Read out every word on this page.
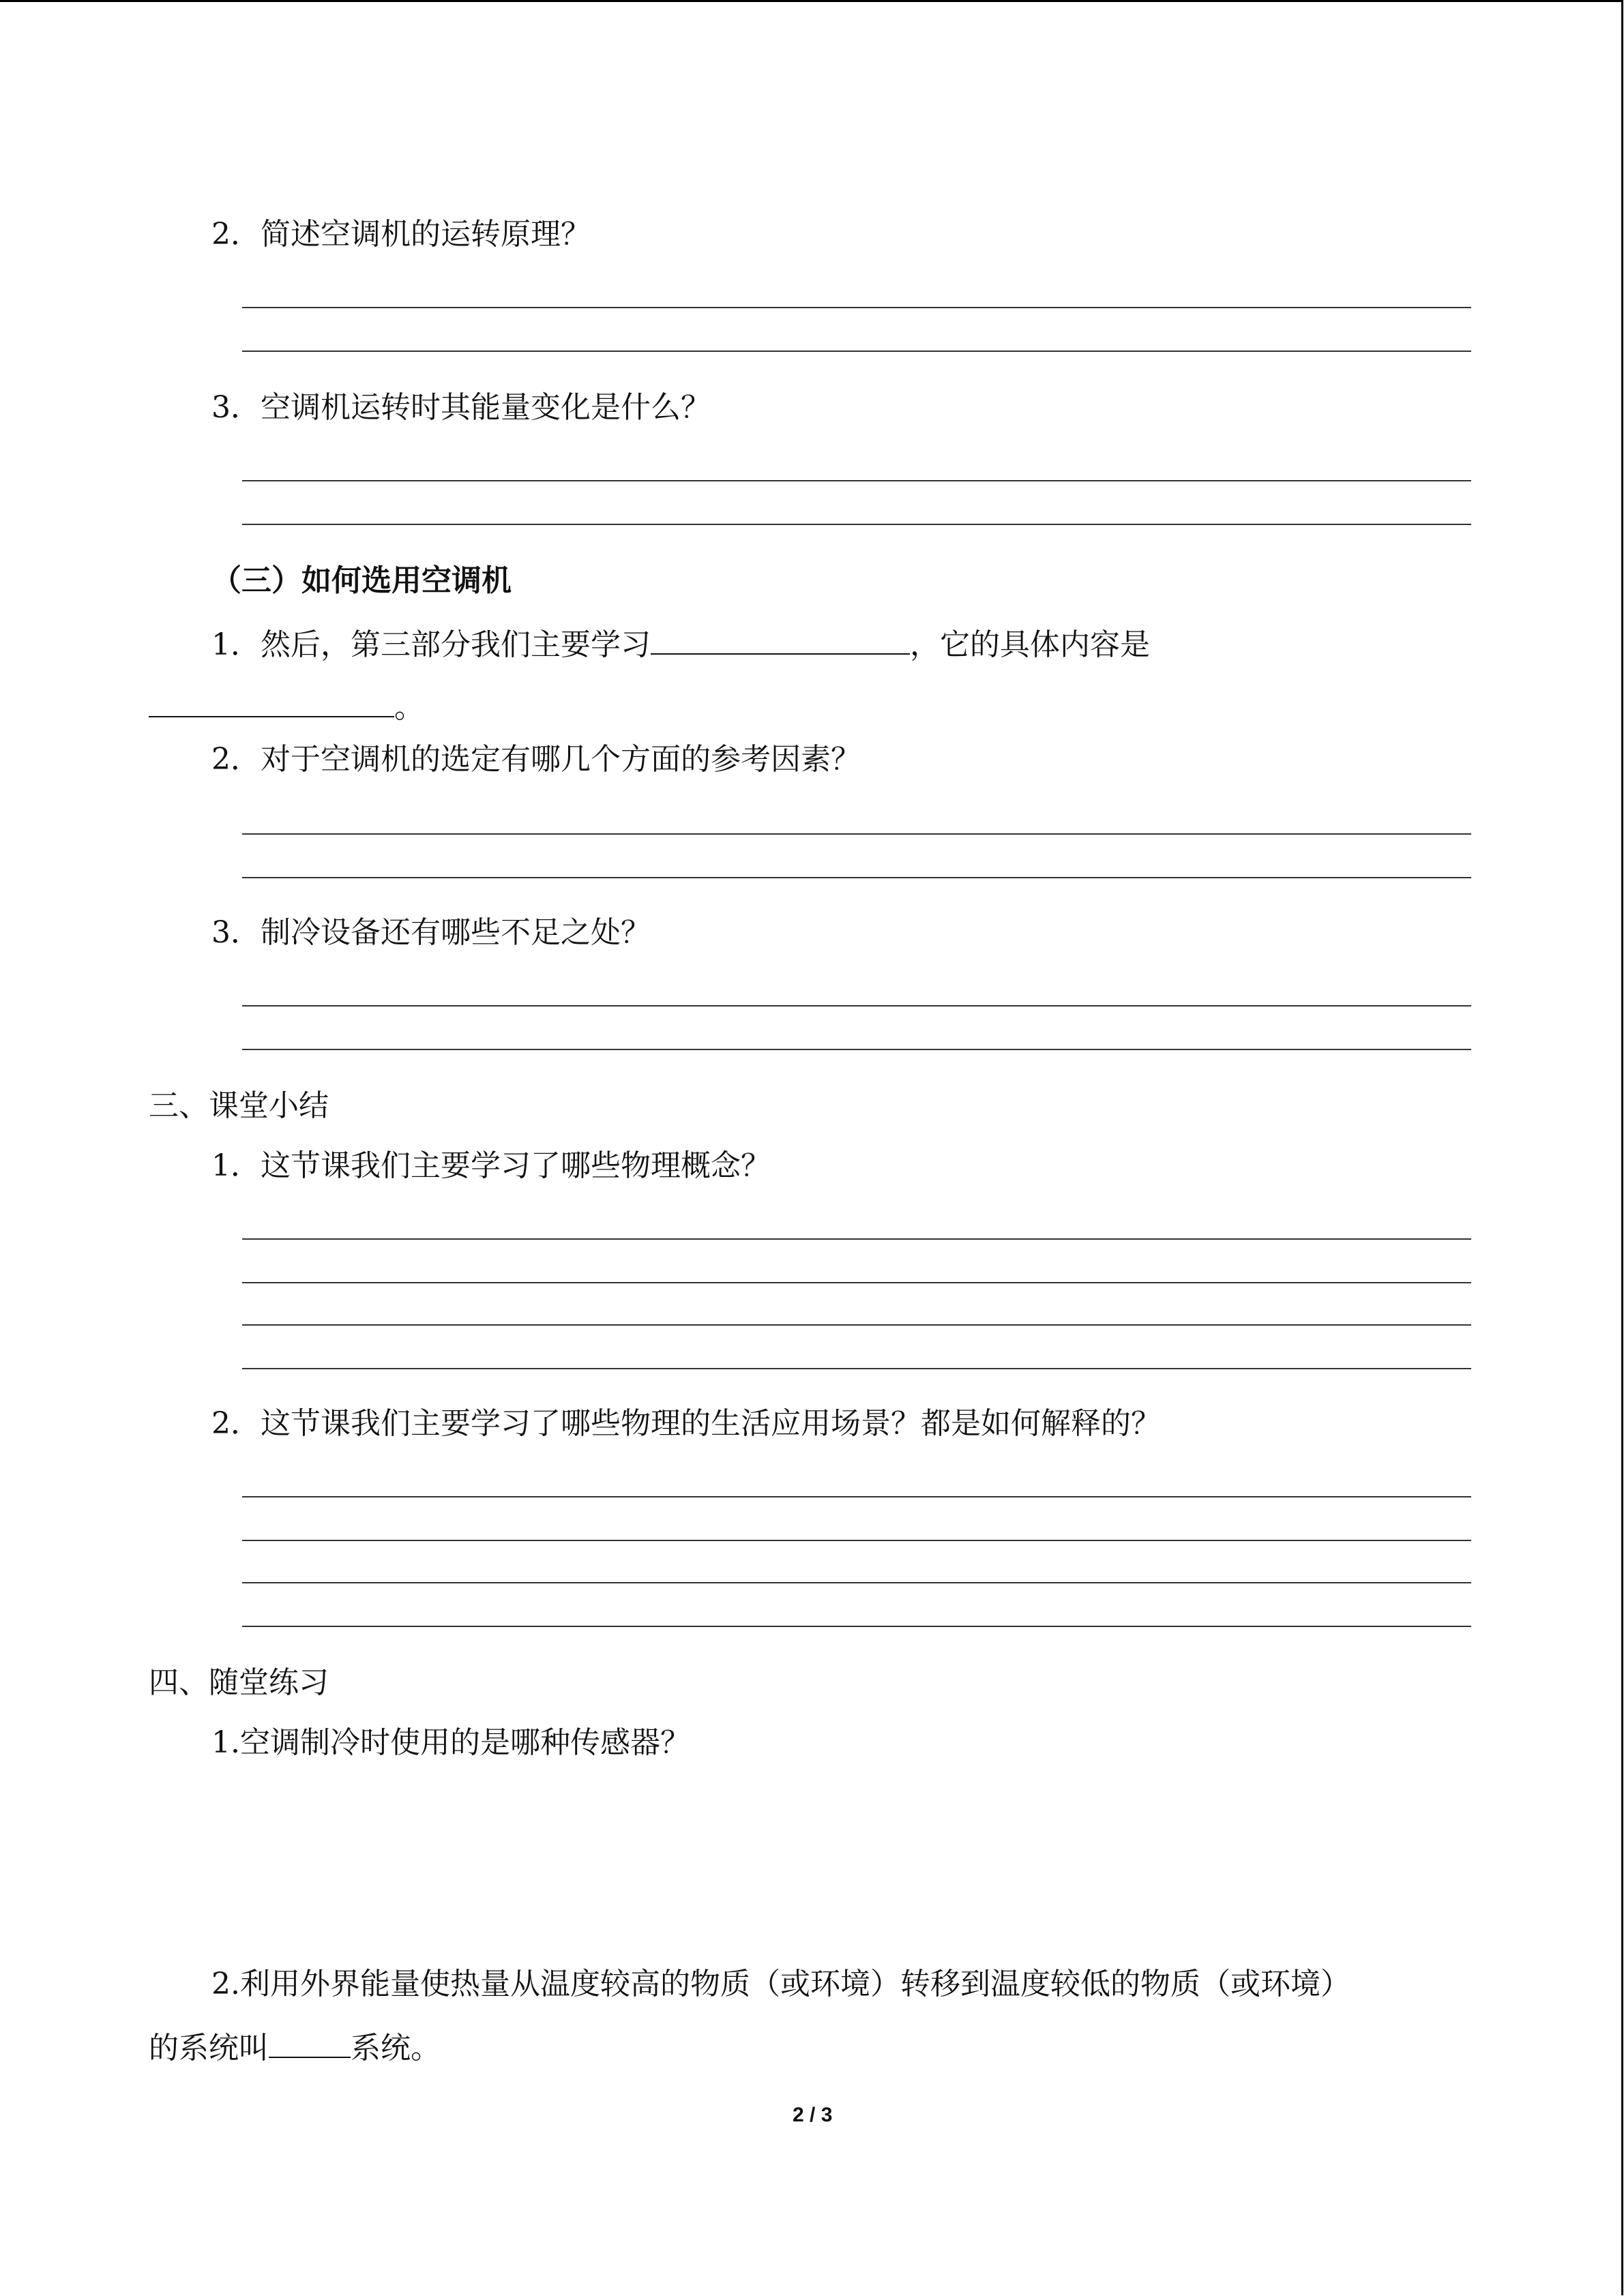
2．简述空调机的运转原理？
3．空调机运转时其能量变化是什么？
（三）如何选用空调机
1．然后，第三部分我们主要学习	，它的具体内容是
。
2．对于空调机的选定有哪几个方面的参考因素？
3．制冷设备还有哪些不足之处？
三、课堂小结
1．这节课我们主要学习了哪些物理概念？
2．这节课我们主要学习了哪些物理的生活应用场景？都是如何解释的？
四、随堂练习
1.空调制冷时使用的是哪种传感器？
2.利用外界能量使热量从温度较高的物质（或环境）转移到温度较低的物质（或环境）
的系统叫	系统。
2 / 3
